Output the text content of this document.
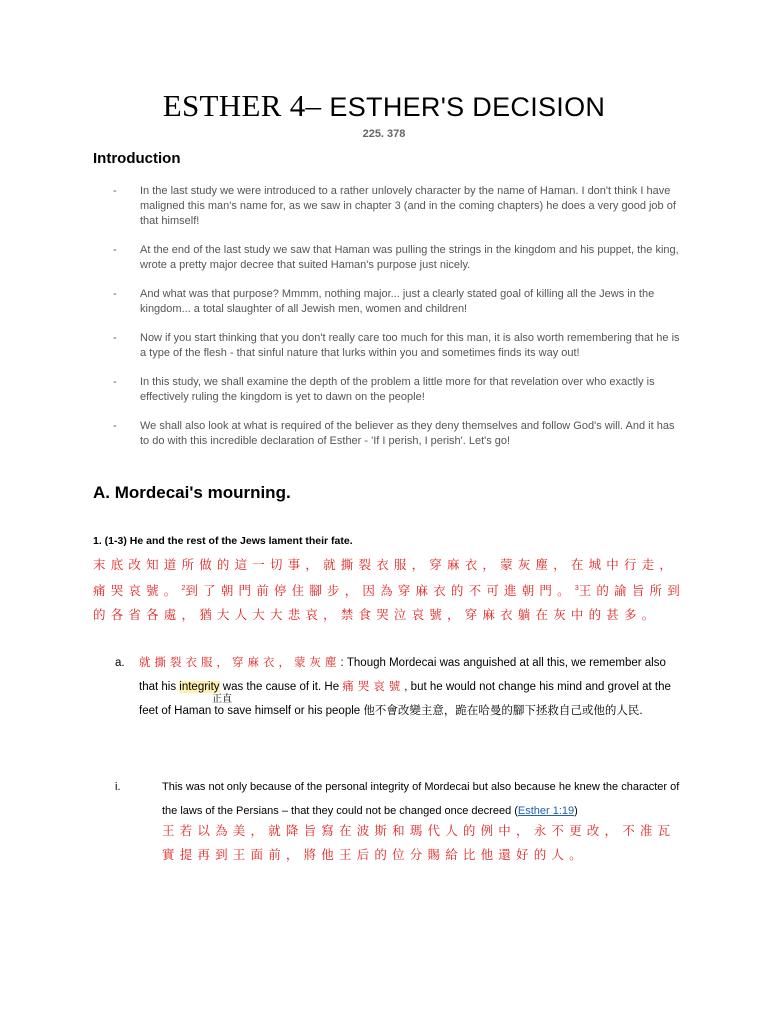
ESTHER 4– ESTHER'S DECISION
225. 378
Introduction
- In the last study we were introduced to a rather unlovely character by the name of Haman. I don't think I have maligned this man's name for, as we saw in chapter 3 (and in the coming chapters) he does a very good job of that himself!
- At the end of the last study we saw that Haman was pulling the strings in the kingdom and his puppet, the king, wrote a pretty major decree that suited Haman's purpose just nicely.
- And what was that purpose? Mmmm, nothing major... just a clearly stated goal of killing all the Jews in the kingdom... a total slaughter of all Jewish men, women and children!
- Now if you start thinking that you don't really care too much for this man, it is also worth remembering that he is a type of the flesh - that sinful nature that lurks within you and sometimes finds its way out!
- In this study, we shall examine the depth of the problem a little more for that revelation over who exactly is effectively ruling the kingdom is yet to dawn on the people!
- We shall also look at what is required of the believer as they deny themselves and follow God's will. And it has to do with this incredible declaration of Esther - 'If I perish, I perish'. Let's go!
A. Mordecai's mourning.
1. (1-3) He and the rest of the Jews lament their fate.
末底改知道所做的這一切事，就撕裂衣服，穿麻衣，蒙灰塵，在城中行走，痛哭哀號。$^2$到了朝門前停住腳步，因為穿麻衣的不可進朝門。$^3$王的諭旨所到的各省各處，猶大人大大悲哀，禁食哭泣哀號，穿麻衣躺在灰中的甚多。
a. 就撕裂衣服，穿麻衣，蒙灰塵: Though Mordecai was anguished at all this, we remember also that his integrity was the cause of it. He 痛哭哀號, but he would not change his mind and grovel at the feet of Haman to save himself or his people 他不會改變主意，跪在哈曼的腳下拯救自己或他的人民.
正直
i.	This was not only because of the personal integrity of Mordecai but also because he knew the character of the laws of the Persians – that they could not be changed once decreed (Esther 1:19)
王若以為美，就降旨寫在波斯和瑪代人的例中，永不更改，不准瓦實提再到王面前，將他王后的位分賜給比他還好的人。
